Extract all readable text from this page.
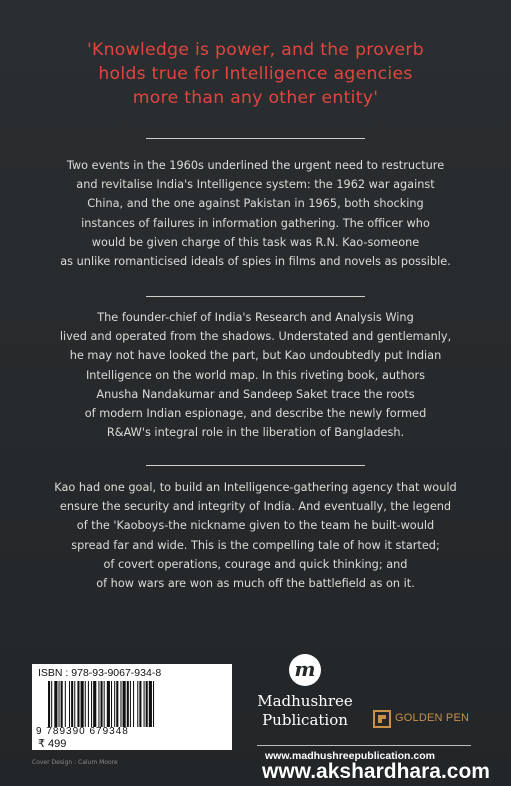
'Knowledge is power, and the proverb
holds true for Intelligence agencies
more than any other entity'
Two events in the 1960s underlined the urgent need to restructure
and revitalise India's Intelligence system: the 1962 war against
China, and the one against Pakistan in 1965, both shocking
instances of failures in information gathering. The officer who
would be given charge of this task was R.N. Kao-someone
as unlike romanticised ideals of spies in films and novels as possible.
The founder-chief of India's Research and Analysis Wing
lived and operated from the shadows. Understated and gentlemanly,
he may not have looked the part, but Kao undoubtedly put Indian
Intelligence on the world map. In this riveting book, authors
Anusha Nandakumar and Sandeep Saket trace the roots
of modern Indian espionage, and describe the newly formed
R&AW's integral role in the liberation of Bangladesh.
Kao had one goal, to build an Intelligence-gathering agency that would
ensure the security and integrity of India. And eventually, the legend
of the 'Kaoboys-the nickname given to the team he built-would
spread far and wide. This is the compelling tale of how it started;
of covert operations, courage and quick thinking; and
of how wars are won as much off the battlefield as on it.
ISBN : 978-93-9067-934-8
9 789390 679348
₹ 499
Cover Design : Calum Moore
m
Madhushree
Publication	GOLDEN PEN
www.madhushreepublication.com
www.akshardhara.com
